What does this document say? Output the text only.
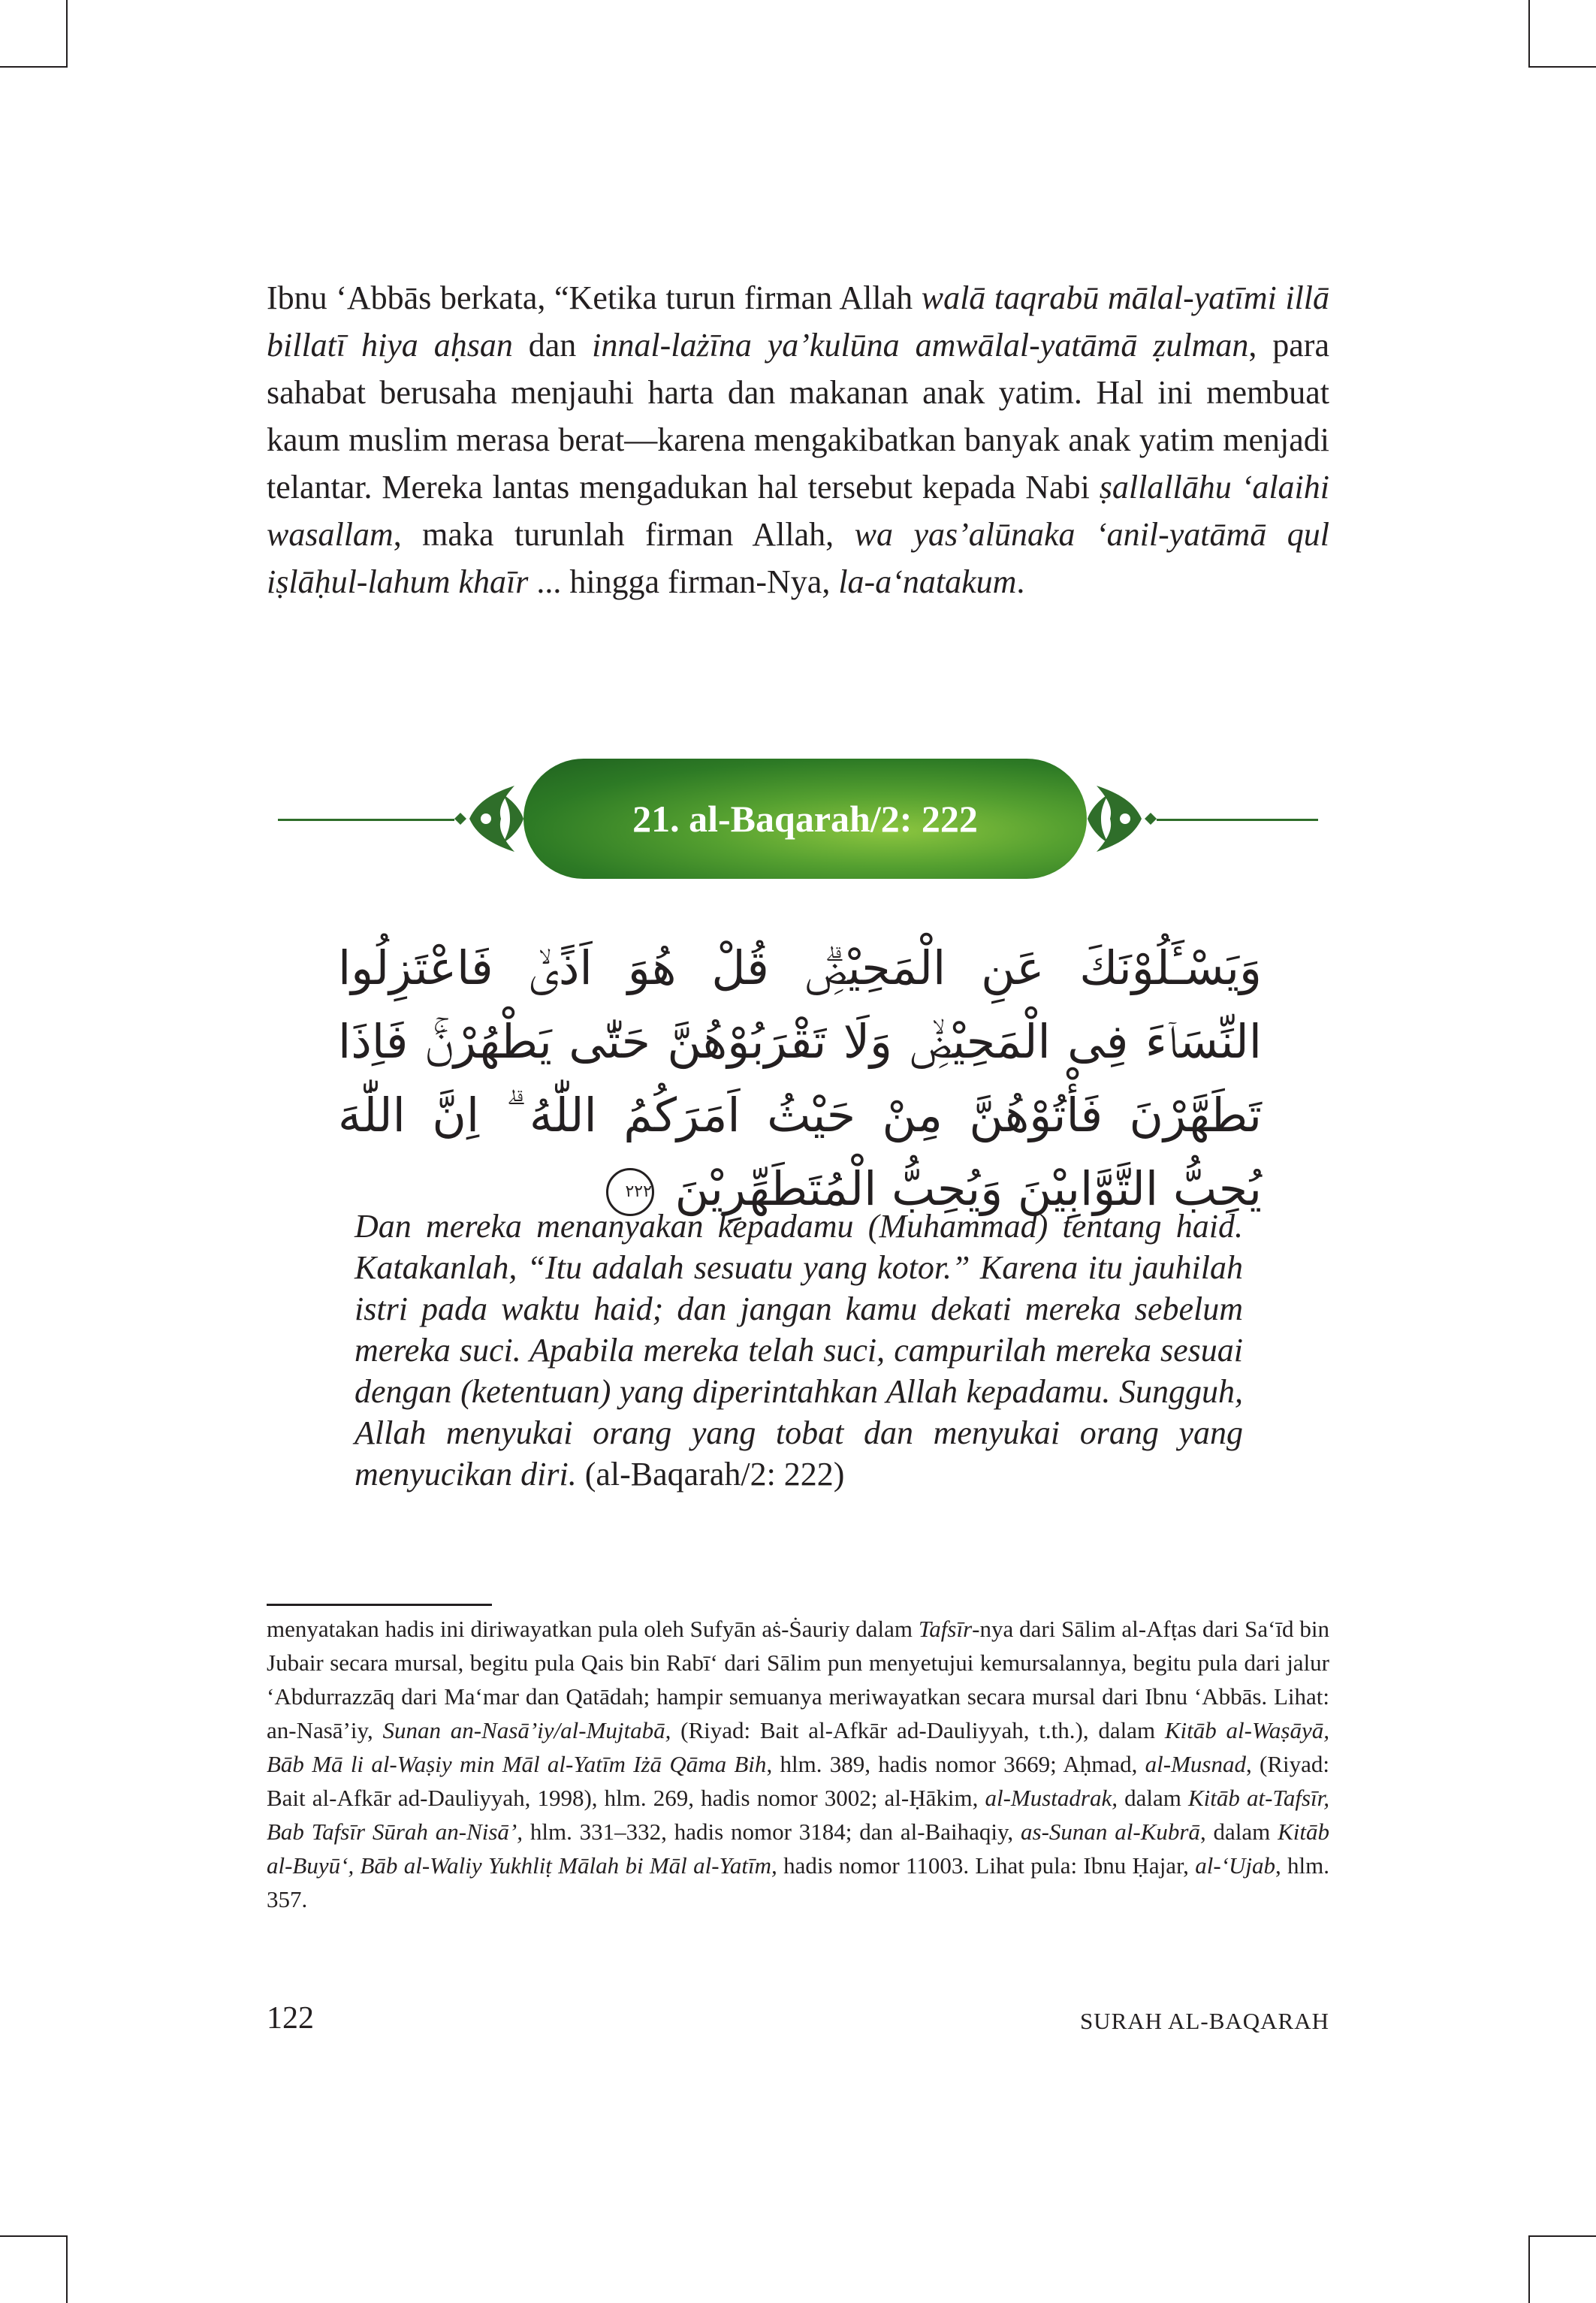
Ibnu ʻAbbās berkata, “Ketika turun firman Allah walā taqrabū mālal-yatīmi illā billatī hiya aḥsan dan innal-lażīna ya’kulūna amwālal-yatāmā ẓulman, para sahabat berusaha menjauhi harta dan makanan anak yatim. Hal ini membuat kaum muslim merasa berat—karena mengakibatkan banyak anak yatim menjadi telantar. Mereka lantas mengadukan hal tersebut kepada Nabi ṣallallāhu ‘alaihi wasallam, maka turunlah firman Allah, wa yas’alūnaka ‘anil-yatāmā qul iṣlāḥul-lahum khaīr ... hingga firman-Nya, la-a‘natakum.

21. al-Baqarah/2: 222

وَيَسْـَٔلُوْنَكَ عَنِ الْمَحِيْضِۗ قُلْ هُوَ اَذًىۙ فَاعْتَزِلُوا النِّسَاۤءَ فِى الْمَحِيْضِۙ وَلَا تَقْرَبُوْهُنَّ حَتّٰى يَطْهُرْنَۚ فَاِذَا تَطَهَّرْنَ فَأْتُوْهُنَّ مِنْ حَيْثُ اَمَرَكُمُ اللّٰهُ ۗ اِنَّ اللّٰهَ يُحِبُّ التَّوَّابِيْنَ وَيُحِبُّ الْمُتَطَهِّرِيْنَ ٢٢٢

Dan mereka menanyakan kepadamu (Muhammad) tentang haid. Katakanlah, “Itu adalah sesuatu yang kotor.” Karena itu jauhilah istri pada waktu haid; dan jangan kamu dekati mereka sebelum mereka suci. Apabila mereka telah suci, campurilah mereka sesuai dengan (ketentuan) yang diperintahkan Allah kepadamu. Sungguh, Allah menyukai orang yang tobat dan menyukai orang yang menyucikan diri. (al-Baqarah/2: 222)

menyatakan hadis ini diriwayatkan pula oleh Sufyān aṡ-Ṡauriy dalam Tafsīr-nya dari Sālim al-Afṭas dari Sa‘īd bin Jubair secara mursal, begitu pula Qais bin Rabī‘ dari Sālim pun menyetujui kemursalannya, begitu pula dari jalur ʻAbdurrazzāq dari Ma‘mar dan Qatādah; hampir semuanya meriwayatkan secara mursal dari Ibnu ʻAbbās. Lihat: an-Nasā’iy, Sunan an-Nasā’iy/al-Mujtabā, (Riyad: Bait al-Afkār ad-Dauliyyah, t.th.), dalam Kitāb al-Waṣāyā, Bāb Mā li al-Waṣiy min Māl al-Yatīm Iżā Qāma Bih, hlm. 389, hadis nomor 3669; Aḥmad, al-Musnad, (Riyad: Bait al-Afkār ad-Dauliyyah, 1998), hlm. 269, hadis nomor 3002; al-Ḥākim, al-Mustadrak, dalam Kitāb at-Tafsīr, Bab Tafsīr Sūrah an-Nisā’, hlm. 331–332, hadis nomor 3184; dan al-Baihaqiy, as-Sunan al-Kubrā, dalam Kitāb al-Buyū‘, Bāb al-Waliy Yukhliṭ Mālah bi Māl al-Yatīm, hadis nomor 11003. Lihat pula: Ibnu Ḥajar, al-‘Ujab, hlm. 357.

122	SURAH AL-BAQARAH
